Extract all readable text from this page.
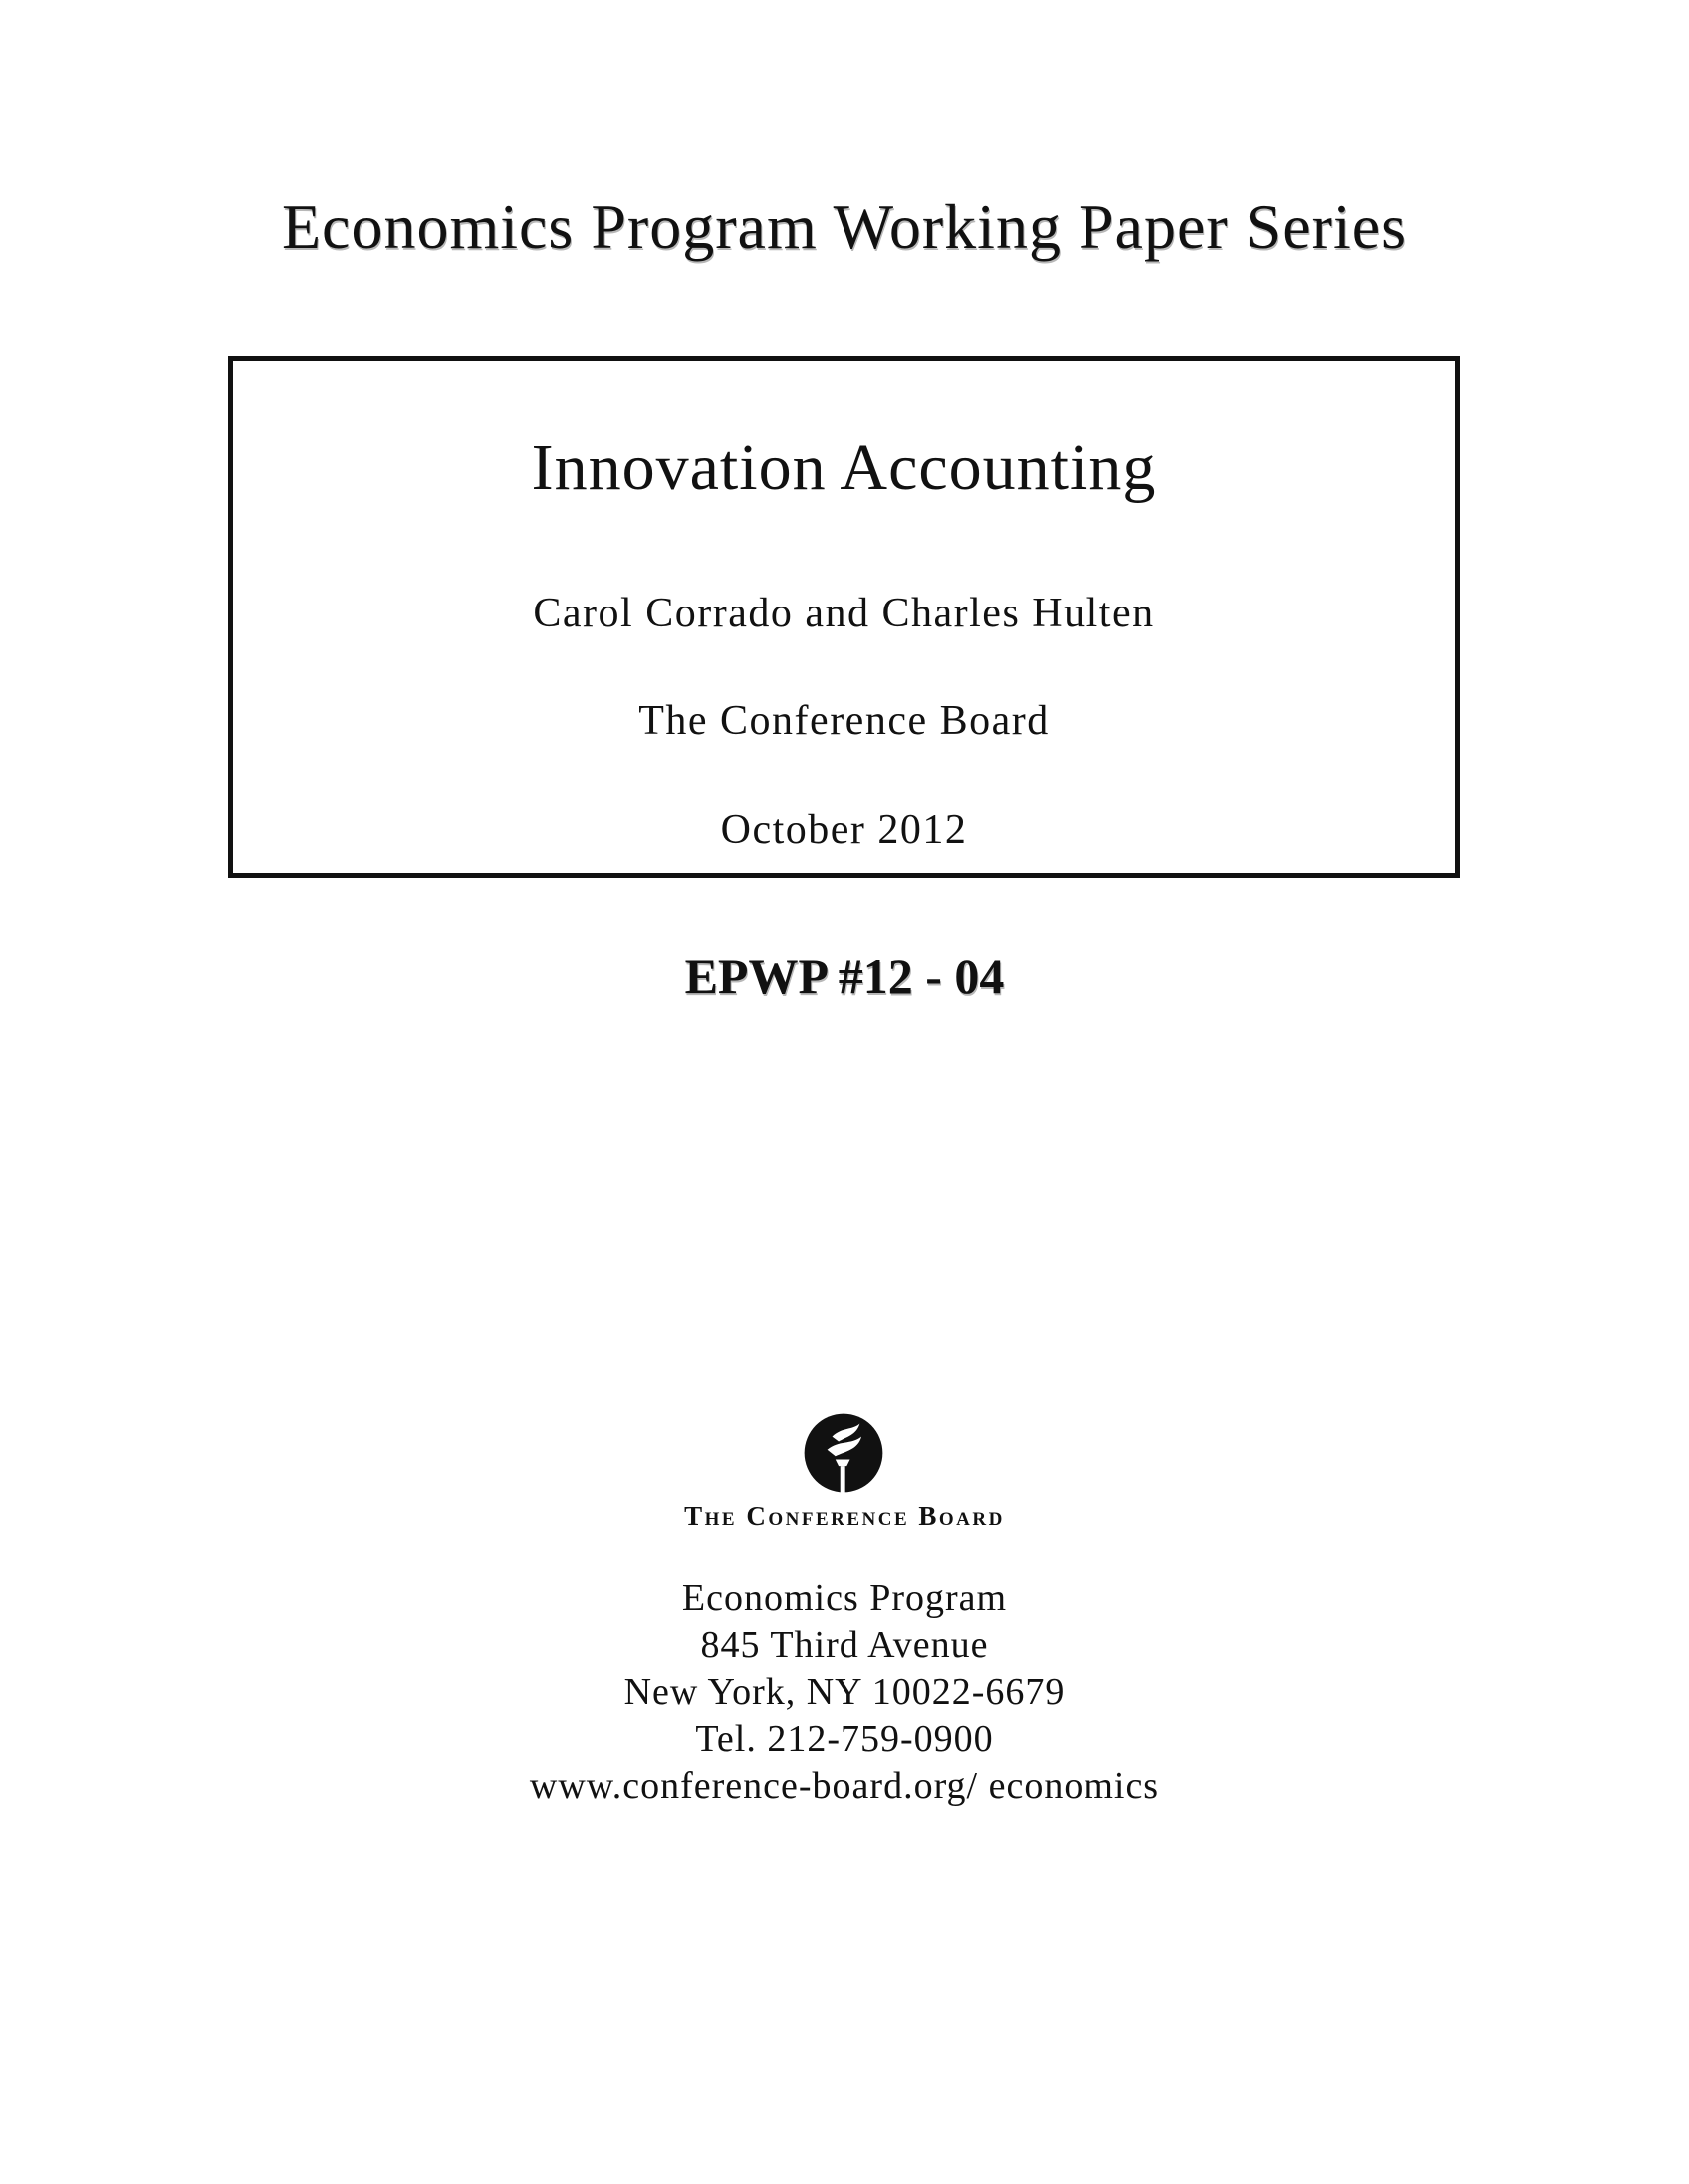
Economics Program Working Paper Series
Innovation Accounting
Carol Corrado and Charles Hulten
The Conference Board
October 2012
EPWP #12 - 04
The Conference Board
Economics Program
845 Third Avenue
New York, NY 10022-6679
Tel. 212-759-0900
www.conference-board.org/ economics
